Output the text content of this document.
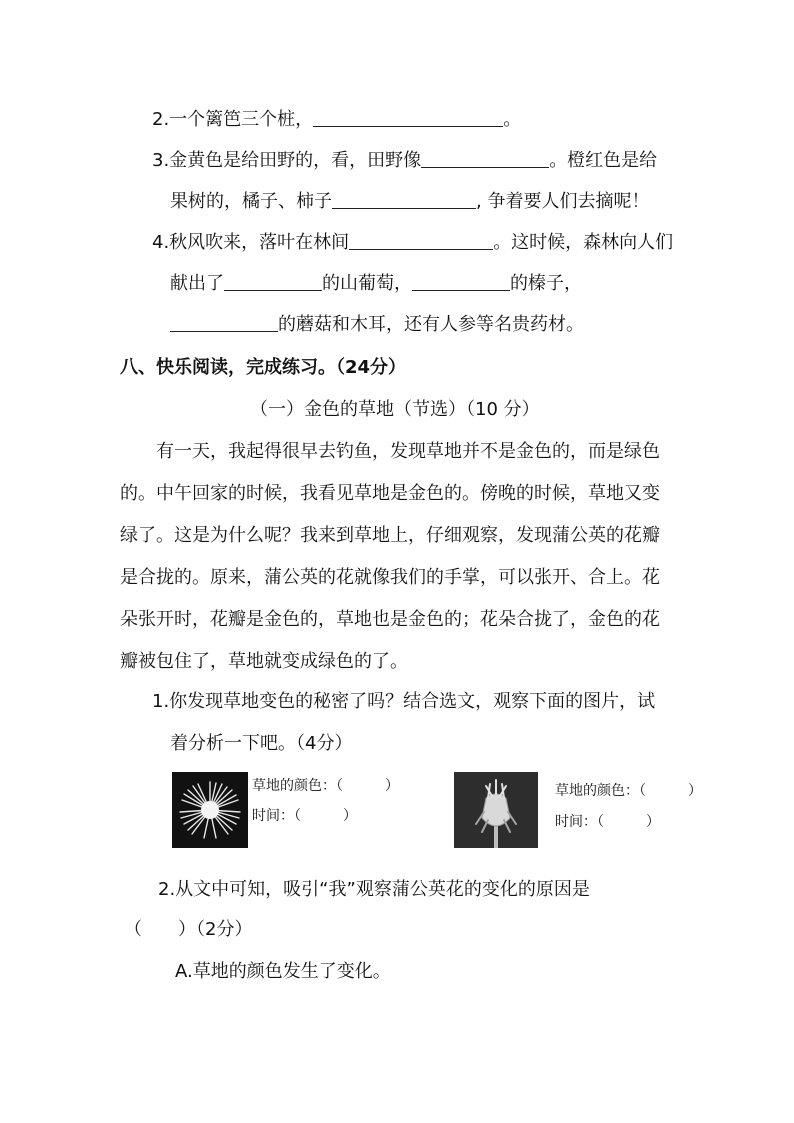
2.一个篱笆三个桩，	。
3.金黄色是给田野的，看，田野像	。橙红色是给
果树的，橘子、柿子	, 争着要人们去摘呢！
4.秋风吹来，落叶在林间	。这时候，森林向人们
献出了	的山葡萄，	的榛子，
的蘑菇和木耳，还有人参等名贵药材。
八、快乐阅读，完成练习。（24分）
（一）金色的草地（节选）（10 分）
有一天，我起得很早去钓鱼，发现草地并不是金色的，而是绿色
的。中午回家的时候，我看见草地是金色的。傍晚的时候，草地又变
绿了。这是为什么呢？我来到草地上，仔细观察，发现蒲公英的花瓣
是合拢的。原来，蒲公英的花就像我们的手掌，可以张开、合上。花
朵张开时，花瓣是金色的，草地也是金色的；花朵合拢了，金色的花
瓣被包住了，草地就变成绿色的了。
1.你发现草地变色的秘密了吗？结合选文，观察下面的图片，试
着分析一下吧。（4分）
草地的颜色：（　　　）
时间：（　　　）
草地的颜色：（　　　）
时间：（　　　）
2.从文中可知，吸引“我”观察蒲公英花的变化的原因是
（　　）（2分）
A.草地的颜色发生了变化。
